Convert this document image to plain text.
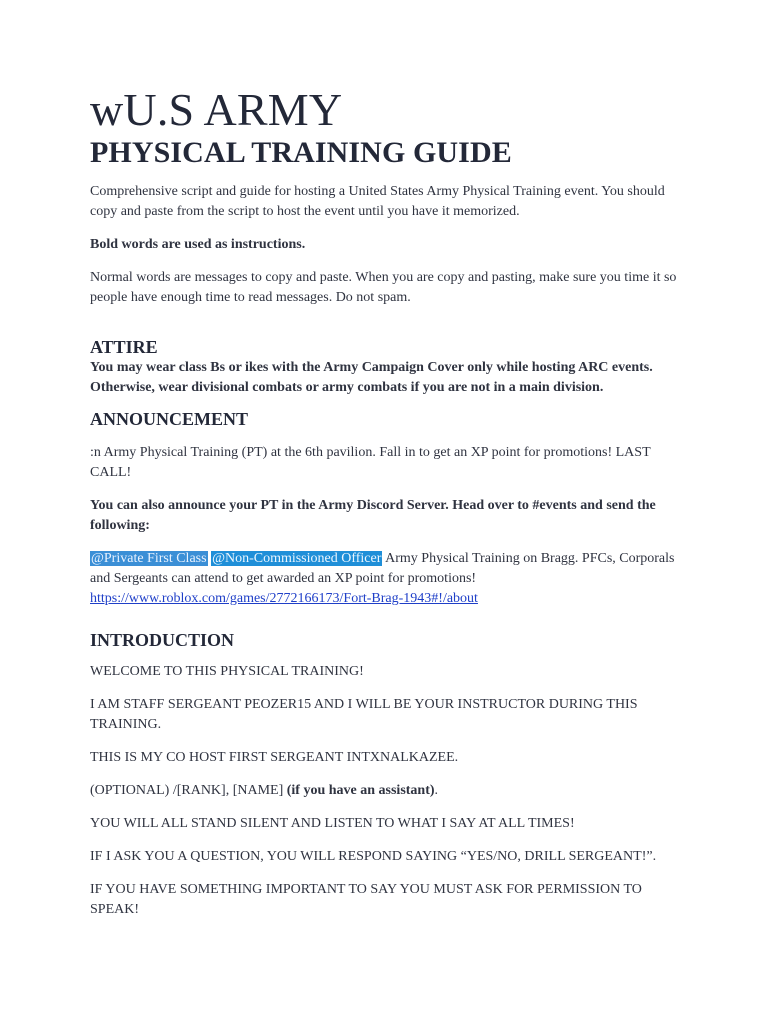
wU.S ARMY
PHYSICAL TRAINING GUIDE

Comprehensive script and guide for hosting a United States Army Physical Training event. You should copy and paste from the script to host the event until you have it memorized.

Bold words are used as instructions.

Normal words are messages to copy and paste. When you are copy and pasting, make sure you time it so people have enough time to read messages. Do not spam.

ATTIRE

You may wear class Bs or ikes with the Army Campaign Cover only while hosting ARC events. Otherwise, wear divisional combats or army combats if you are not in a main division.

ANNOUNCEMENT

:n Army Physical Training (PT) at the 6th pavilion. Fall in to get an XP point for promotions! LAST CALL!

You can also announce your PT in the Army Discord Server. Head over to #events and send the following:

@Private First Class @Non-Commissioned Officer Army Physical Training on Bragg. PFCs, Corporals and Sergeants can attend to get awarded an XP point for promotions!
https://www.roblox.com/games/2772166173/Fort-Brag-1943#!/about

INTRODUCTION

WELCOME TO THIS PHYSICAL TRAINING!

I AM STAFF SERGEANT PEOZER15 AND I WILL BE YOUR INSTRUCTOR DURING THIS TRAINING.

THIS IS MY CO HOST FIRST SERGEANT INTXNALKAZEE.

(OPTIONAL) /[RANK], [NAME] (if you have an assistant).

YOU WILL ALL STAND SILENT AND LISTEN TO WHAT I SAY AT ALL TIMES!

IF I ASK YOU A QUESTION, YOU WILL RESPOND SAYING “YES/NO, DRILL SERGEANT!”.

IF YOU HAVE SOMETHING IMPORTANT TO SAY YOU MUST ASK FOR PERMISSION TO SPEAK!
